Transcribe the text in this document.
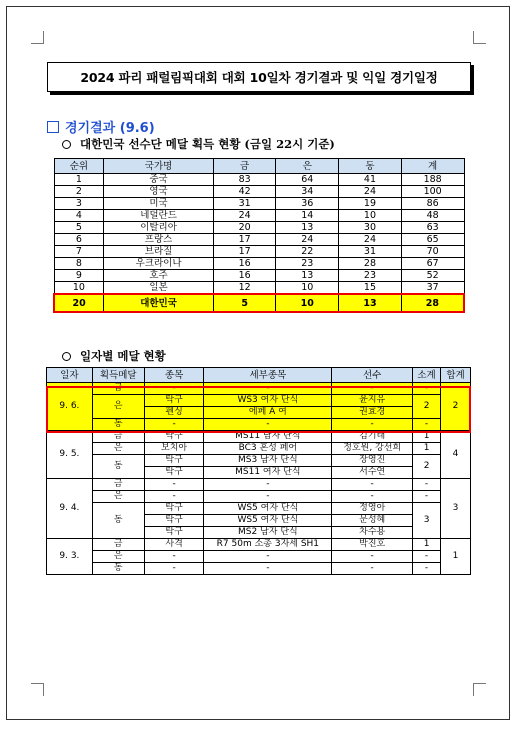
2024 파리 패럴림픽대회 대회 10일차 경기결과 및 익일 경기일정
경기결과 (9.6)
대한민국 선수단 메달 획득 현황 (금일 22시 기준)
순위	국가명	금	은	동	계
1	중국	83	64	41	188
2	영국	42	34	24	100
3	미국	31	36	19	86
4	네덜란드	24	14	10	48
5	이탈리아	20	13	30	63
6	프랑스	17	24	24	65
7	브라질	17	22	31	70
8	우크라이나	16	23	28	67
9	호주	16	13	23	52
10	일본	12	10	15	37
20	대한민국	5	10	13	28
일자별 메달 현황
일자	획득메달	종목	세부종목	선수	소계	합계
9. 6.	금	-	-	-	-	2
	은	탁구	WS3 여자 단식	윤지유	2	
		펜싱	에페 A 여	권효경		
	동	-	-	-	-	
9. 5.	금	탁구	MS11 남자 단식	김기태	1	4
	은	보치아	BC3 혼성 페어	정호원, 강선희	1	
	동	탁구	MS3 남자 단식	장영진	2	
		탁구	MS11 여자 단식	서수연		
9. 4.	금	-	-	-	-	3
	은	-	-	-	-	
	동	탁구	WS5 여자 단식	정영아	3	
		탁구	WS5 여자 단식	문성혜		
		탁구	MS2 남자 단식	차수용		
9. 3.	금	사격	R7 50m 소총 3자세 SH1	박진호	1	1
	은	-	-	-	-	
	동	-	-	-	-	
